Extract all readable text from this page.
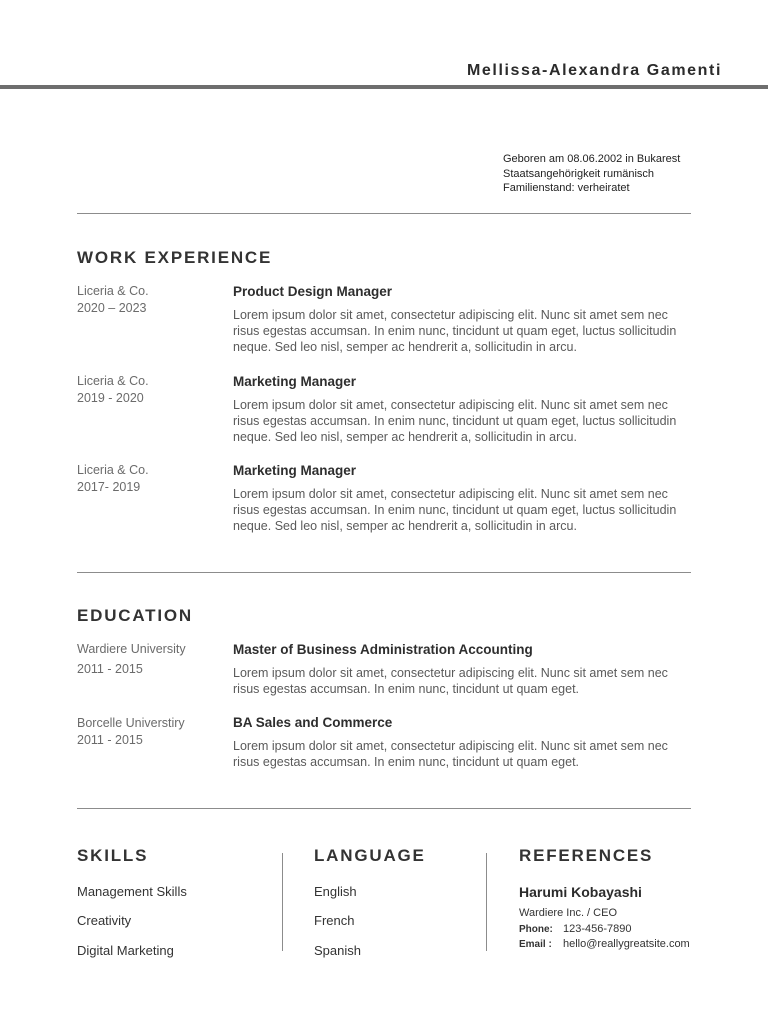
Mellissa-Alexandra Gamenti
Geboren am 08.06.2002 in Bukarest
Staatsangehörigkeit rumänisch
Familienstand: verheiratet
WORK EXPERIENCE
Liceria & Co.
2020 – 2023
Product Design Manager
Lorem ipsum dolor sit amet, consectetur adipiscing elit. Nunc sit amet sem nec risus egestas accumsan. In enim nunc, tincidunt ut quam eget, luctus sollicitudin neque. Sed leo nisl, semper ac hendrerit a, sollicitudin in arcu.
Liceria & Co.
2019 - 2020
Marketing Manager
Lorem ipsum dolor sit amet, consectetur adipiscing elit. Nunc sit amet sem nec risus egestas accumsan. In enim nunc, tincidunt ut quam eget, luctus sollicitudin neque. Sed leo nisl, semper ac hendrerit a, sollicitudin in arcu.
Liceria & Co.
2017- 2019
Marketing Manager
Lorem ipsum dolor sit amet, consectetur adipiscing elit. Nunc sit amet sem nec risus egestas accumsan. In enim nunc, tincidunt ut quam eget, luctus sollicitudin neque. Sed leo nisl, semper ac hendrerit a, sollicitudin in arcu.
EDUCATION
Wardiere University
2011 - 2015
Master of Business Administration Accounting
Lorem ipsum dolor sit amet, consectetur adipiscing elit. Nunc sit amet sem nec risus egestas accumsan. In enim nunc, tincidunt ut quam eget.
Borcelle Universtiry
2011 - 2015
BA Sales and Commerce
Lorem ipsum dolor sit amet, consectetur adipiscing elit. Nunc sit amet sem nec risus egestas accumsan. In enim nunc, tincidunt ut quam eget.
SKILLS
Management Skills
Creativity
Digital Marketing
LANGUAGE
English
French
Spanish
REFERENCES
Harumi Kobayashi
Wardiere Inc. / CEO
Phone: 123-456-7890
Email : hello@reallygreatsite.com
